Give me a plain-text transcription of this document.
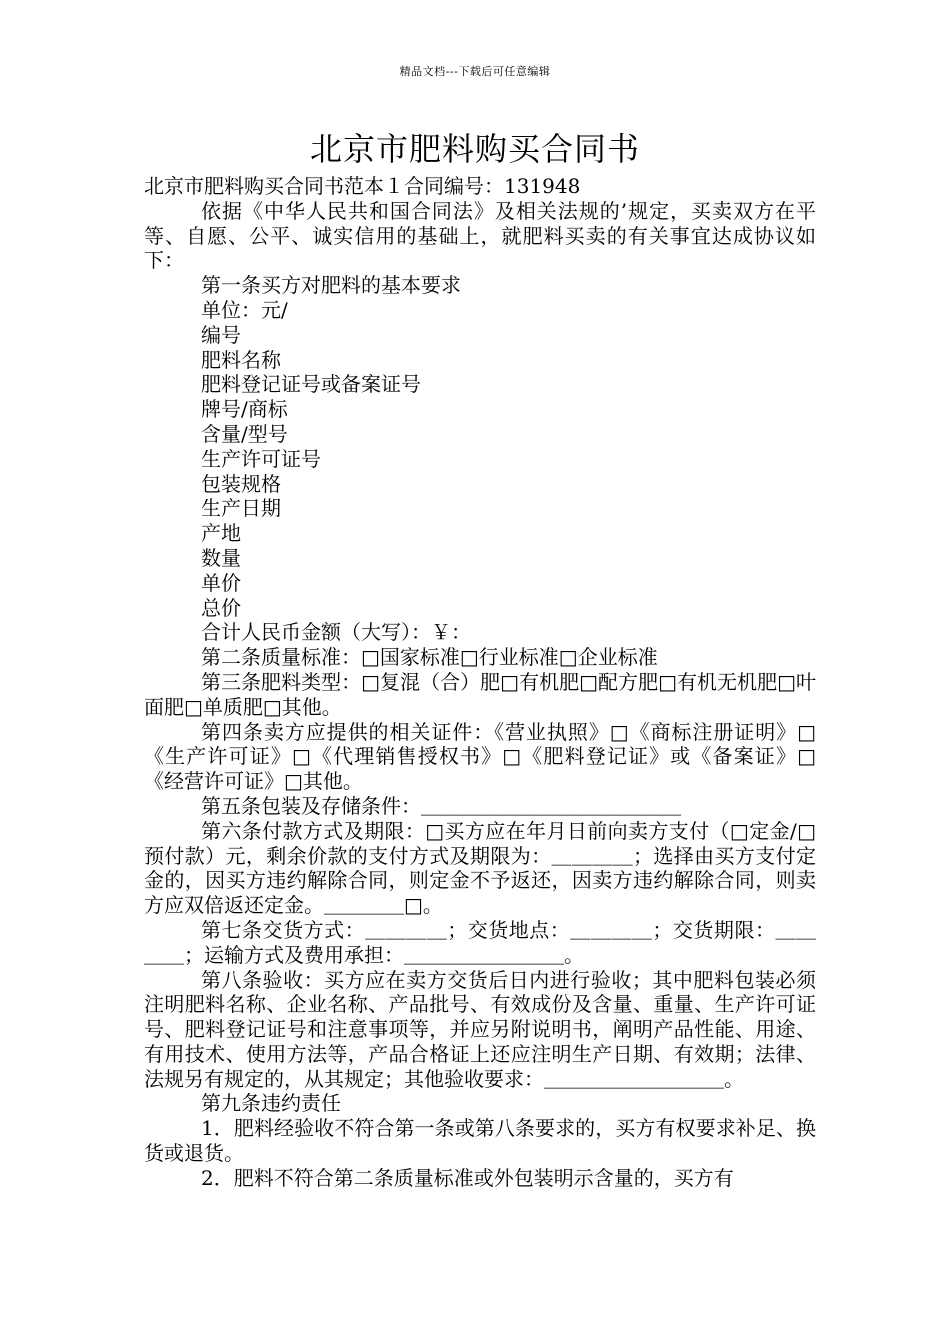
精品文档---下载后可任意编辑
北京市肥料购买合同书

北京市肥料购买合同书范本１合同编号：131948

依据《中华人民共和国合同法》及相关法规的’规定，买卖双方在平等、自愿、公平、诚实信用的基础上，就肥料买卖的有关事宜达成协议如下：

第一条买方对肥料的基本要求

单位：元/

编号

肥料名称

肥料登记证号或备案证号

牌号/商标

含量/型号

生产许可证号

包装规格

生产日期

产地

数量

单价

总价

合计人民币金额（大写）：￥：

第二条质量标准：□国家标准□行业标准□企业标准

第三条肥料类型：□复混（合）肥□有机肥□配方肥□有机无机肥□叶面肥□单质肥□其他。

第四条卖方应提供的相关证件：《营业执照》□《商标注册证明》□《生产许可证》□《代理销售授权书》□《肥料登记证》或《备案证》□《经营许可证》□其他。

第五条包装及存储条件：＿＿＿＿＿＿＿＿＿＿＿＿＿

第六条付款方式及期限：□买方应在年月日前向卖方支付（□定金/□预付款）元，剩余价款的支付方式及期限为：＿＿＿＿；选择由买方支付定金的，因买方违约解除合同，则定金不予返还，因卖方违约解除合同，则卖方应双倍返还定金。＿＿＿＿□。

第七条交货方式：＿＿＿＿；交货地点：＿＿＿＿；交货期限：＿＿＿＿；运输方式及费用承担：＿＿＿＿＿＿＿＿。

第八条验收：买方应在卖方交货后日内进行验收；其中肥料包装必须注明肥料名称、企业名称、产品批号、有效成份及含量、重量、生产许可证号、肥料登记证号和注意事项等，并应另附说明书，阐明产品性能、用途、有用技术、使用方法等，产品合格证上还应注明生产日期、有效期；法律、法规另有规定的，从其规定；其他验收要求：＿＿＿＿＿＿＿＿＿。

第九条违约责任

1．肥料经验收不符合第一条或第八条要求的，买方有权要求补足、换货或退货。

2．肥料不符合第二条质量标准或外包装明示含量的，买方有
